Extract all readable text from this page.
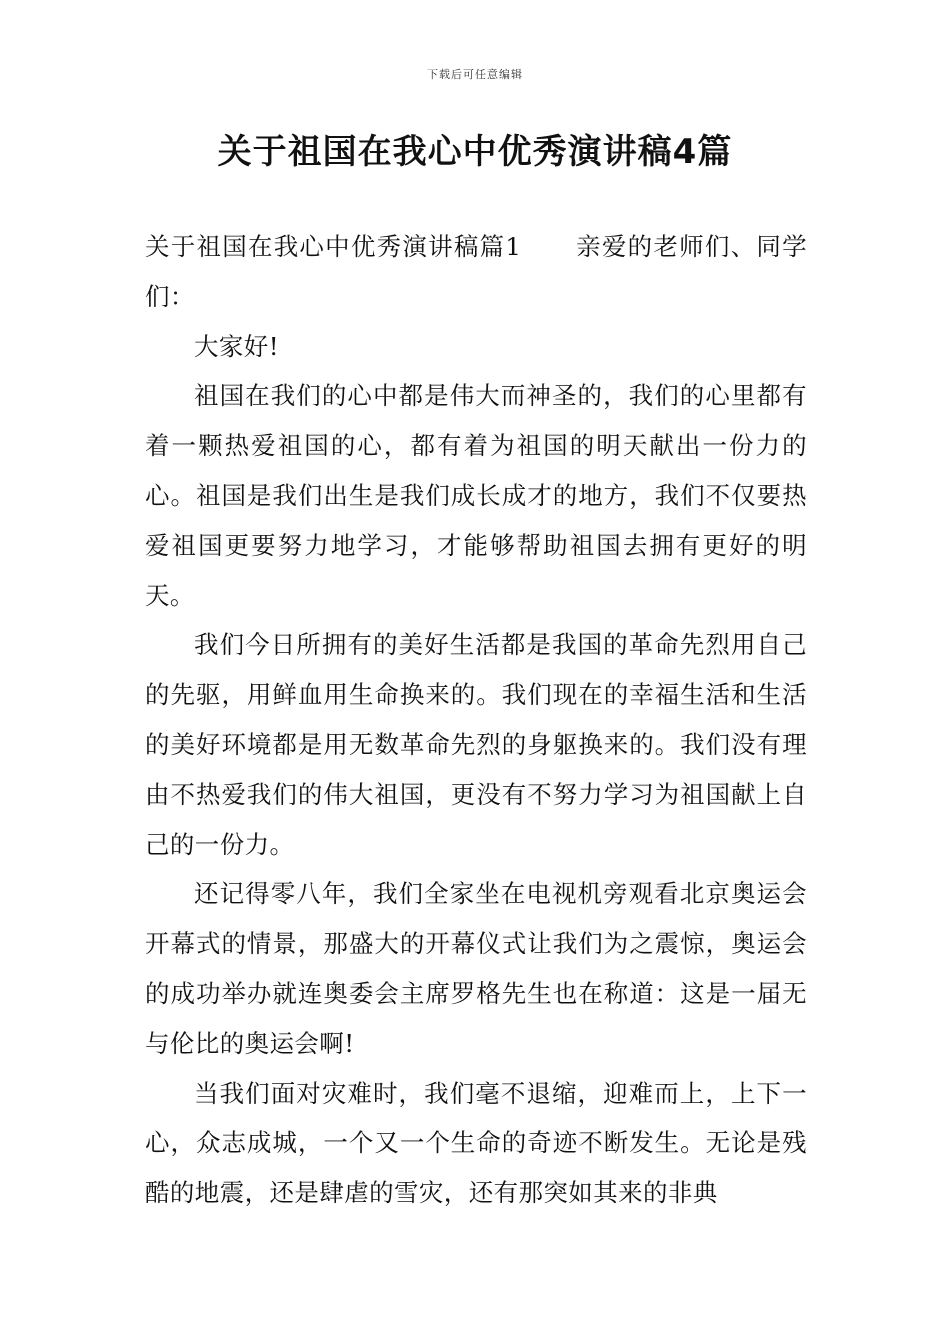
下载后可任意编辑
关于祖国在我心中优秀演讲稿4篇

关于祖国在我心中优秀演讲稿篇1 亲爱的老师们、同学们：

大家好!

祖国在我们的心中都是伟大而神圣的，我们的心里都有着一颗热爱祖国的心，都有着为祖国的明天献出一份力的心。祖国是我们出生是我们成长成才的地方，我们不仅要热爱祖国更要努力地学习，才能够帮助祖国去拥有更好的明天。

我们今日所拥有的美好生活都是我国的革命先烈用自己的先驱，用鲜血用生命换来的。我们现在的幸福生活和生活的美好环境都是用无数革命先烈的身躯换来的。我们没有理由不热爱我们的伟大祖国，更没有不努力学习为祖国献上自己的一份力。

还记得零八年，我们全家坐在电视机旁观看北京奥运会开幕式的情景，那盛大的开幕仪式让我们为之震惊，奥运会的成功举办就连奥委会主席罗格先生也在称道：这是一届无与伦比的奥运会啊!

当我们面对灾难时，我们毫不退缩，迎难而上，上下一心，众志成城，一个又一个生命的奇迹不断发生。无论是残酷的地震，还是肆虐的雪灾，还有那突如其来的非典
